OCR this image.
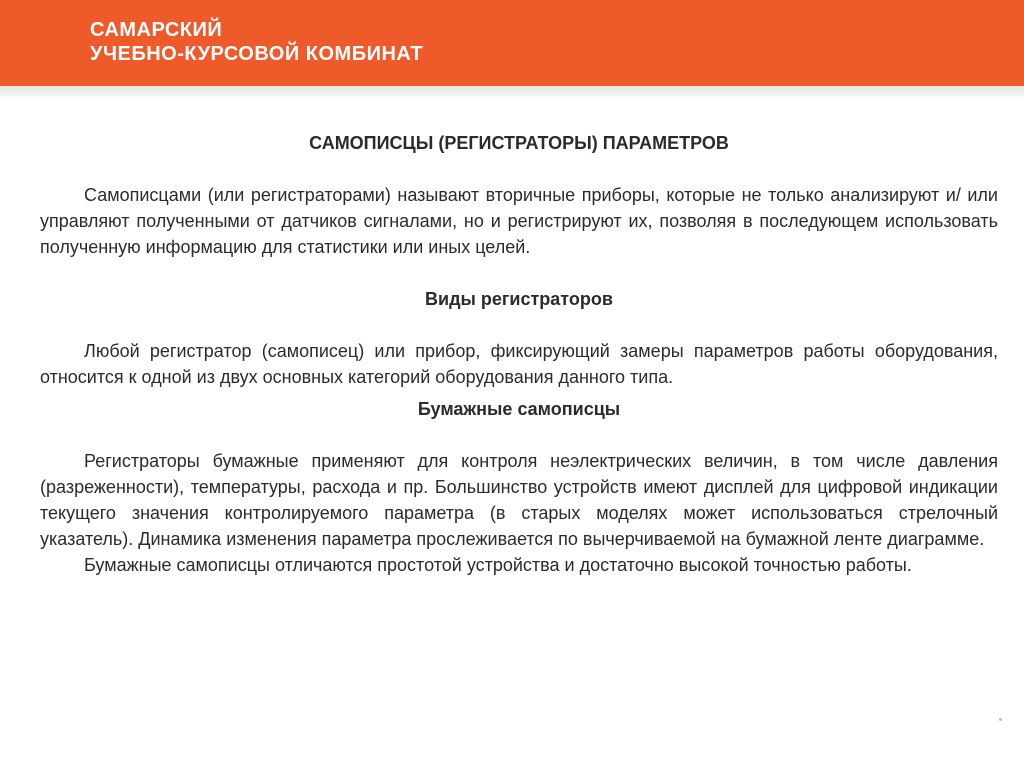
САМАРСКИЙ
УЧЕБНО-КУРСОВОЙ КОМБИНАТ
САМОПИСЦЫ (РЕГИСТРАТОРЫ) ПАРАМЕТРОВ

Самописцами (или регистраторами) называют вторичные приборы, которые не только анализируют и/ или управляют полученными от датчиков сигналами, но и регистрируют их, позволяя в последующем использовать полученную информацию для статистики или иных целей.

Виды регистраторов

Любой регистратор (самописец) или прибор, фиксирующий замеры параметров работы оборудования, относится к одной из двух основных категорий оборудования данного типа.

Бумажные самописцы

Регистраторы бумажные применяют для контроля неэлектрических величин, в том числе давления (разреженности), температуры, расхода и пр. Большинство устройств имеют дисплей для цифровой индикации текущего значения контролируемого параметра (в старых моделях может использоваться стрелочный указатель). Динамика изменения параметра прослеживается по вычерчиваемой на бумажной ленте диаграмме.

Бумажные самописцы отличаются простотой устройства и достаточно высокой точностью работы.
